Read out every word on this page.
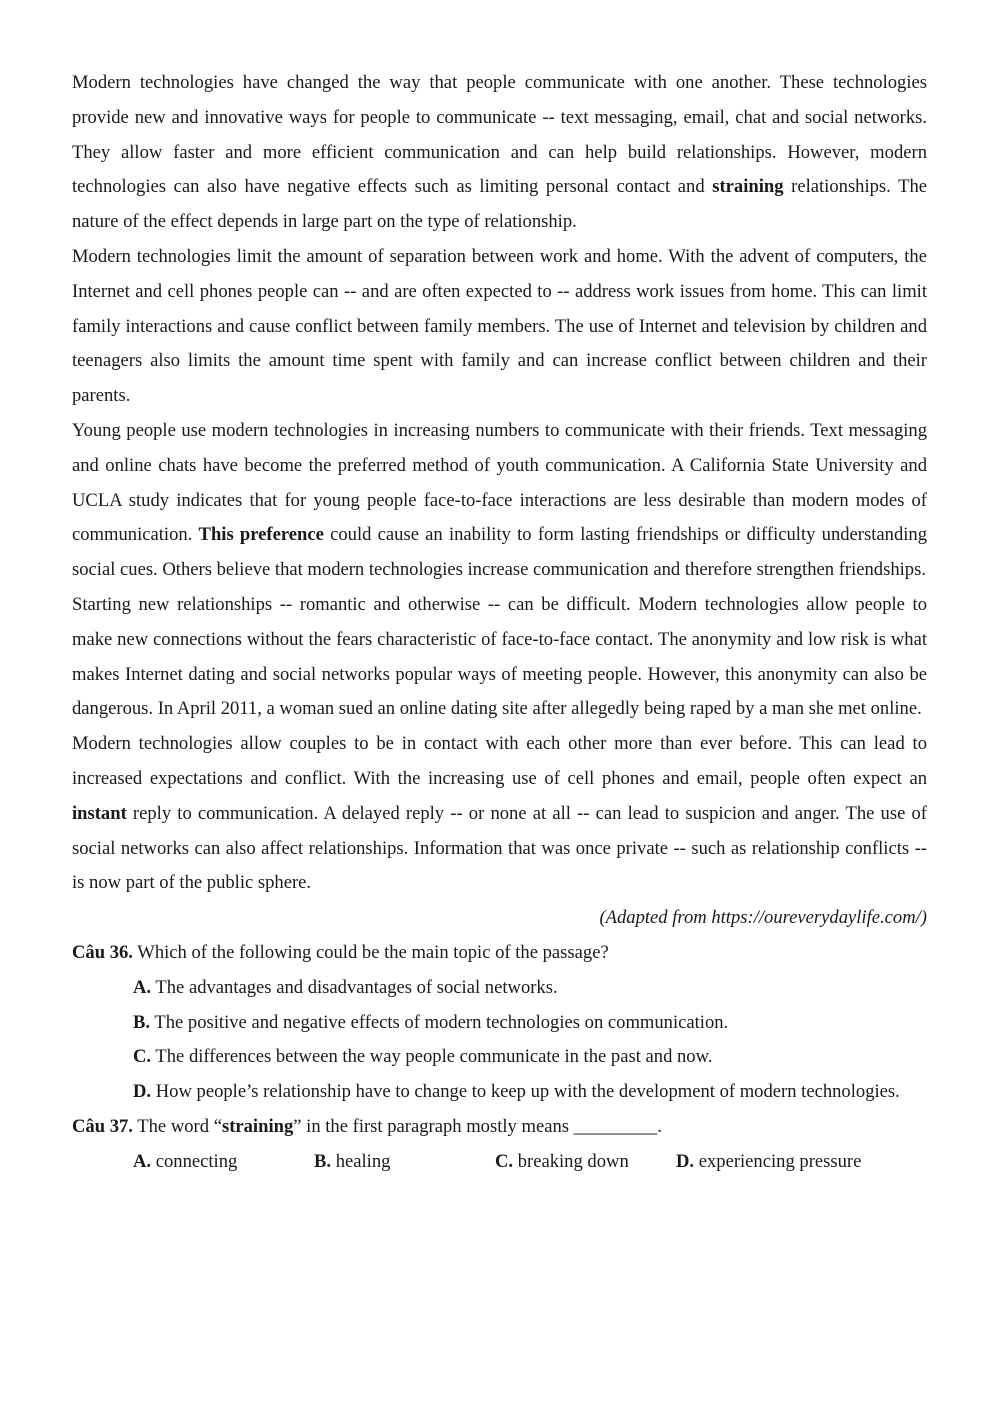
Modern technologies have changed the way that people communicate with one another. These technologies provide new and innovative ways for people to communicate -- text messaging, email, chat and social networks. They allow faster and more efficient communication and can help build relationships. However, modern technologies can also have negative effects such as limiting personal contact and straining relationships. The nature of the effect depends in large part on the type of relationship.

Modern technologies limit the amount of separation between work and home. With the advent of computers, the Internet and cell phones people can -- and are often expected to -- address work issues from home. This can limit family interactions and cause conflict between family members. The use of Internet and television by children and teenagers also limits the amount time spent with family and can increase conflict between children and their parents.

Young people use modern technologies in increasing numbers to communicate with their friends. Text messaging and online chats have become the preferred method of youth communication. A California State University and UCLA study indicates that for young people face-to-face interactions are less desirable than modern modes of communication. This preference could cause an inability to form lasting friendships or difficulty understanding social cues. Others believe that modern technologies increase communication and therefore strengthen friendships.

Starting new relationships -- romantic and otherwise -- can be difficult. Modern technologies allow people to make new connections without the fears characteristic of face-to-face contact. The anonymity and low risk is what makes Internet dating and social networks popular ways of meeting people. However, this anonymity can also be dangerous. In April 2011, a woman sued an online dating site after allegedly being raped by a man she met online.

Modern technologies allow couples to be in contact with each other more than ever before. This can lead to increased expectations and conflict. With the increasing use of cell phones and email, people often expect an instant reply to communication. A delayed reply -- or none at all -- can lead to suspicion and anger. The use of social networks can also affect relationships. Information that was once private -- such as relationship conflicts -- is now part of the public sphere.

(Adapted from https://oureverydaylife.com/)

Câu 36. Which of the following could be the main topic of the passage?

A. The advantages and disadvantages of social networks.

B. The positive and negative effects of modern technologies on communication.

C. The differences between the way people communicate in the past and now.

D. How people’s relationship have to change to keep up with the development of modern technologies.

Câu 37. The word “straining” in the first paragraph mostly means _________.

A. connecting	B. healing	C. breaking down	D. experiencing pressure
